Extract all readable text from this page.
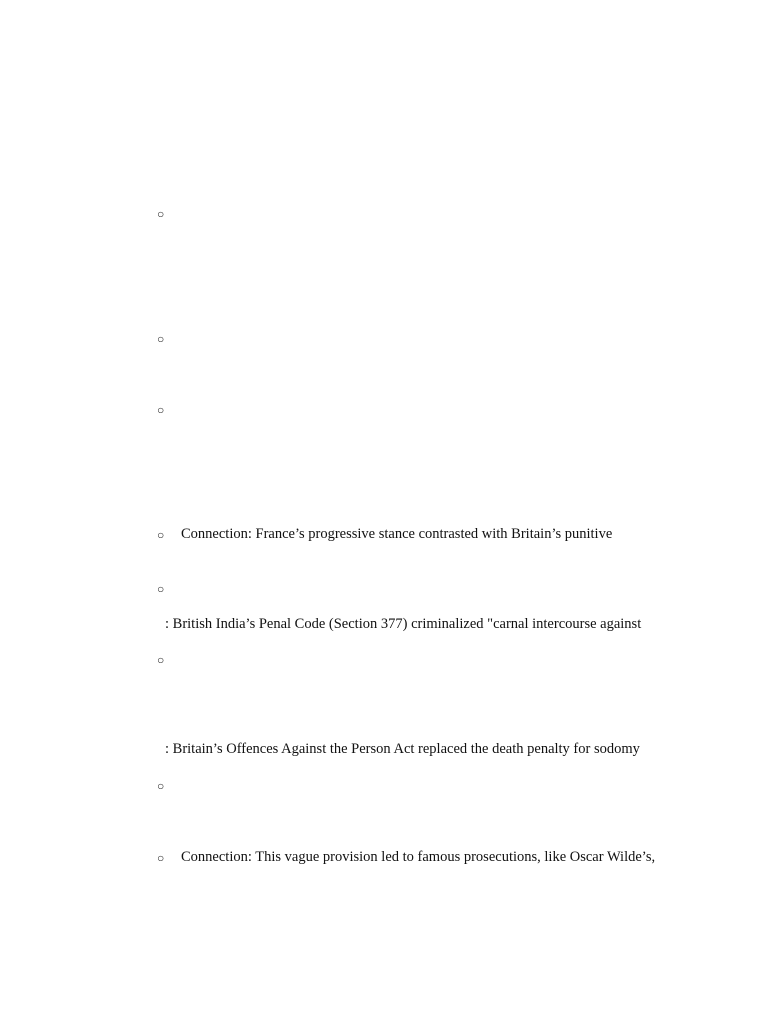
○
○
○
○ Connection: France’s progressive stance contrasted with Britain’s punitive
○
: British India’s Penal Code (Section 377) criminalized "carnal intercourse against
○
: Britain’s Offences Against the Person Act replaced the death penalty for sodomy
○
○ Connection: This vague provision led to famous prosecutions, like Oscar Wilde’s,
